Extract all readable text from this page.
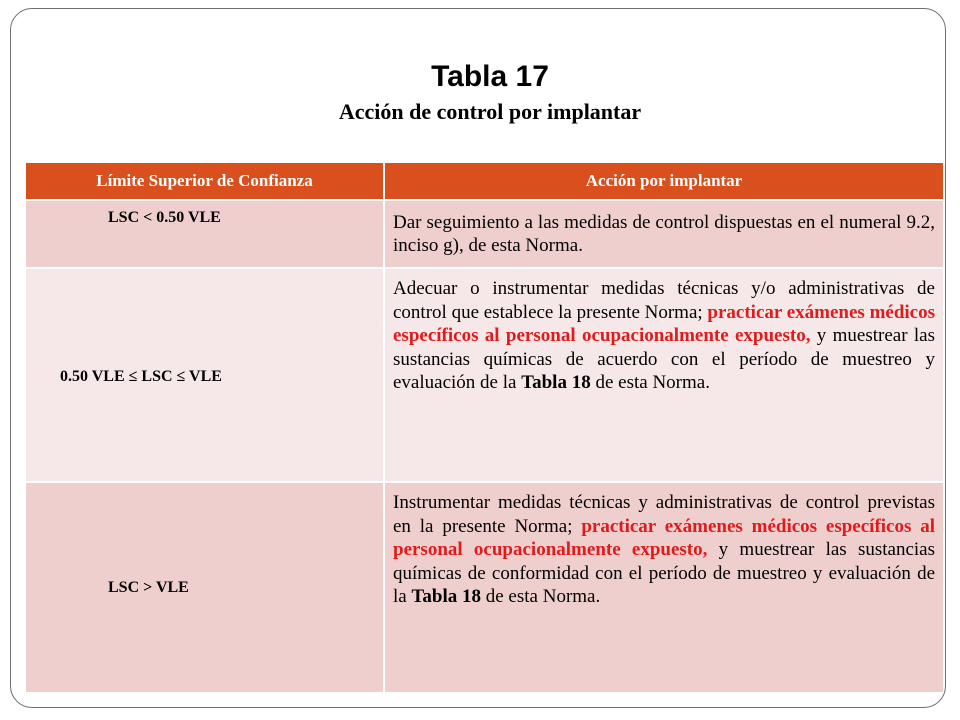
Tabla 17
Acción de control por implantar
Límite Superior de Confianza	Acción por implantar

LSC < 0.50 VLE	Dar seguimiento a las medidas de control dispuestas en el numeral 9.2, inciso g), de esta Norma.

0.50 VLE ≤ LSC ≤ VLE	Adecuar o instrumentar medidas técnicas y/o administrativas de control que establece la presente Norma; practicar exámenes médicos específicos al personal ocupacionalmente expuesto, y muestrear las sustancias químicas de acuerdo con el período de muestreo y evaluación de la Tabla 18 de esta Norma.

LSC > VLE	Instrumentar medidas técnicas y administrativas de control previstas en la presente Norma; practicar exámenes médicos específicos al personal ocupacionalmente expuesto, y muestrear las sustancias químicas de conformidad con el período de muestreo y evaluación de la Tabla 18 de esta Norma.
